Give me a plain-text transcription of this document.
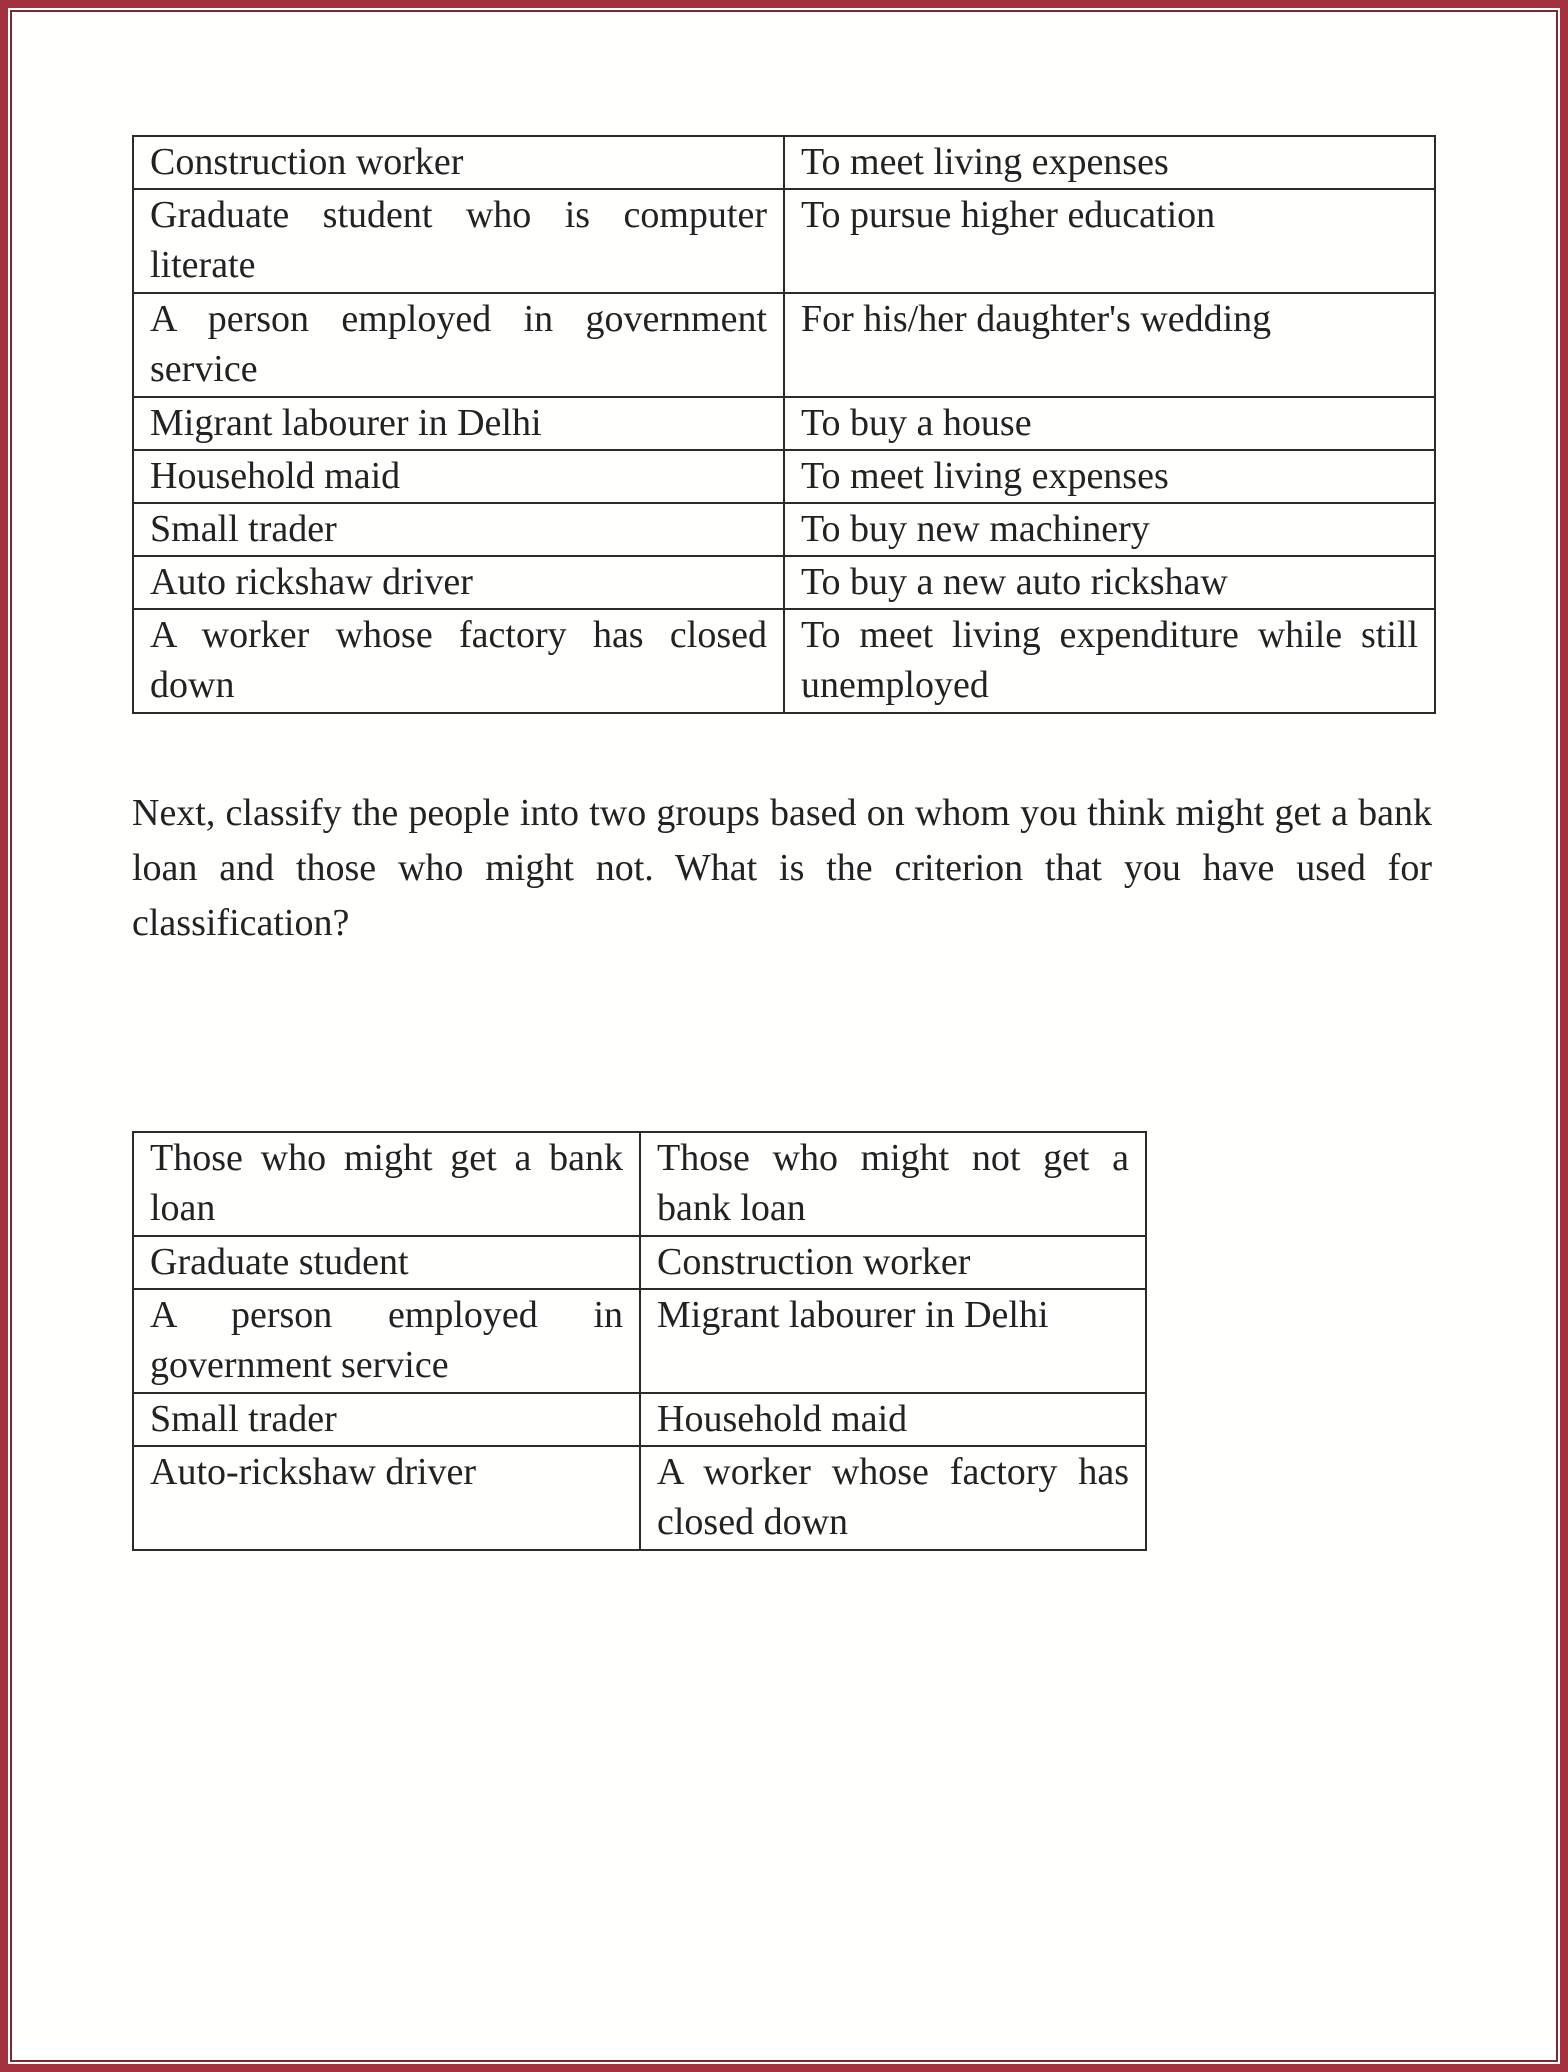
Construction worker	To meet living expenses
Graduate student who is computer literate	To pursue higher education
A person employed in government service	For his/her daughter's wedding
Migrant labourer in Delhi	To buy a house
Household maid	To meet living expenses
Small trader	To buy new machinery
Auto rickshaw driver	To buy a new auto rickshaw
A worker whose factory has closed down	To meet living expenditure while still unemployed

Next, classify the people into two groups based on whom you think might get a bank loan and those who might not. What is the criterion that you have used for classification?

Those who might get a bank loan	Those who might not get a bank loan
Graduate student	Construction worker
A person employed in government service	Migrant labourer in Delhi
Small trader	Household maid
Auto-rickshaw driver	A worker whose factory has closed down
